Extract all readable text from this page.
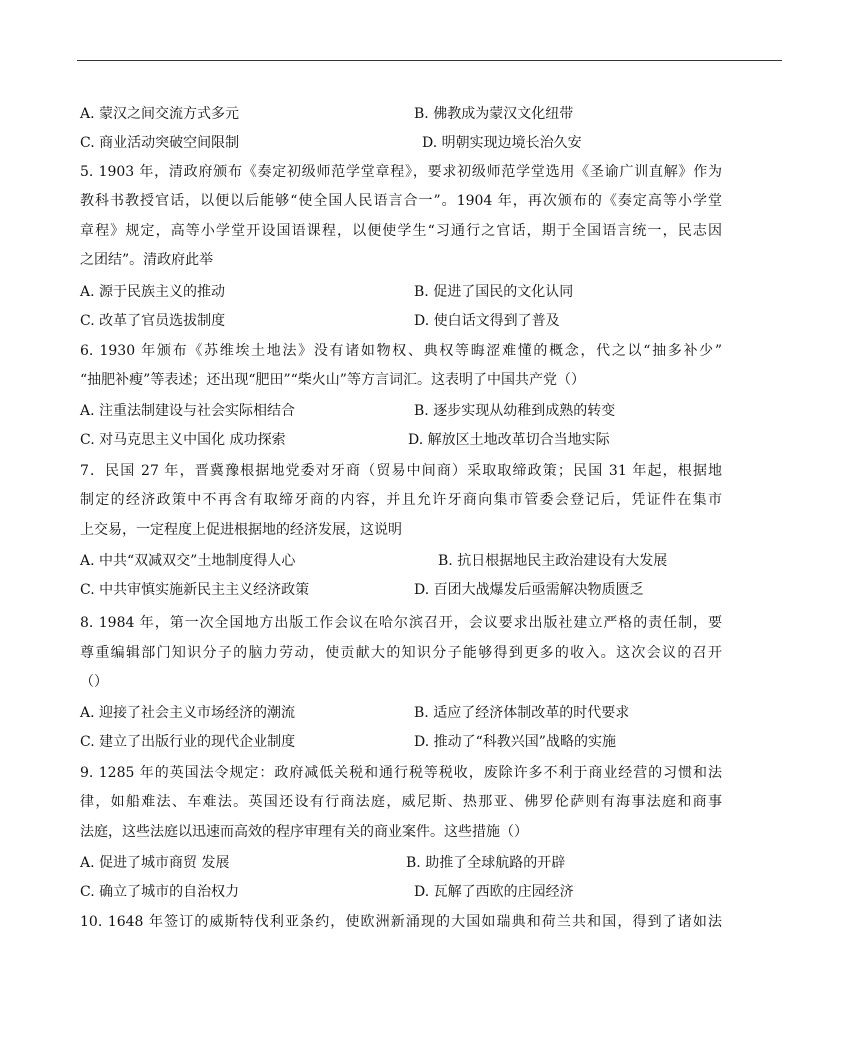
A. 蒙汉之间交流方式多元	B. 佛教成为蒙汉文化纽带
C. 商业活动突破空间限制	D. 明朝实现边境长治久安
5. 1903 年，清政府颁布《奏定初级师范学堂章程》，要求初级师范学堂选用《圣谕广训直解》作为
教科书教授官话，以便以后能够“使全国人民语言合一”。1904 年，再次颁布的《奏定高等小学堂
章程》规定，高等小学堂开设国语课程，以便使学生“习通行之官话，期于全国语言统一，民志因
之团结”。清政府此举
A. 源于民族主义的推动	B. 促进了国民的文化认同
C. 改革了官员选拔制度	D. 使白话文得到了普及
6. 1930 年颁布《苏维埃土地法》没有诸如物权、典权等晦涩难懂的概念，代之以“抽多补少”
“抽肥补瘦”等表述；还出现“肥田”“柴火山”等方言词汇。这表明了中国共产党（）
A. 注重法制建设与社会实际相结合	B. 逐步实现从幼稚到成熟的转变
C. 对马克思主义中国化 成功探索	D. 解放区土地改革切合当地实际
7．民国 27 年，晋冀豫根据地党委对牙商（贸易中间商）采取取缔政策；民国 31 年起，根据地
制定的经济政策中不再含有取缔牙商的内容，并且允许牙商向集市管委会登记后，凭证件在集市
上交易，一定程度上促进根据地的经济发展，这说明
A. 中共“双减双交”土地制度得人心	B. 抗日根据地民主政治建设有大发展
C. 中共审慎实施新民主主义经济政策	D. 百团大战爆发后亟需解决物质匮乏
8. 1984 年，第一次全国地方出版工作会议在哈尔滨召开，会议要求出版社建立严格的责任制，要
尊重编辑部门知识分子的脑力劳动，使贡献大的知识分子能够得到更多的收入。这次会议的召开
（）
A. 迎接了社会主义市场经济的潮流	B. 适应了经济体制改革的时代要求
C. 建立了出版行业的现代企业制度	D. 推动了“科教兴国”战略的实施
9. 1285 年的英国法令规定：政府减低关税和通行税等税收，废除许多不利于商业经营的习惯和法
律，如船难法、车难法。英国还设有行商法庭，威尼斯、热那亚、佛罗伦萨则有海事法庭和商事
法庭，这些法庭以迅速而高效的程序审理有关的商业案件。这些措施（）
A. 促进了城市商贸 发展	B. 助推了全球航路的开辟
C. 确立了城市的自治权力	D. 瓦解了西欧的庄园经济
10. 1648 年签订的威斯特伐利亚条约，使欧洲新涌现的大国如瑞典和荷兰共和国，得到了诸如法
